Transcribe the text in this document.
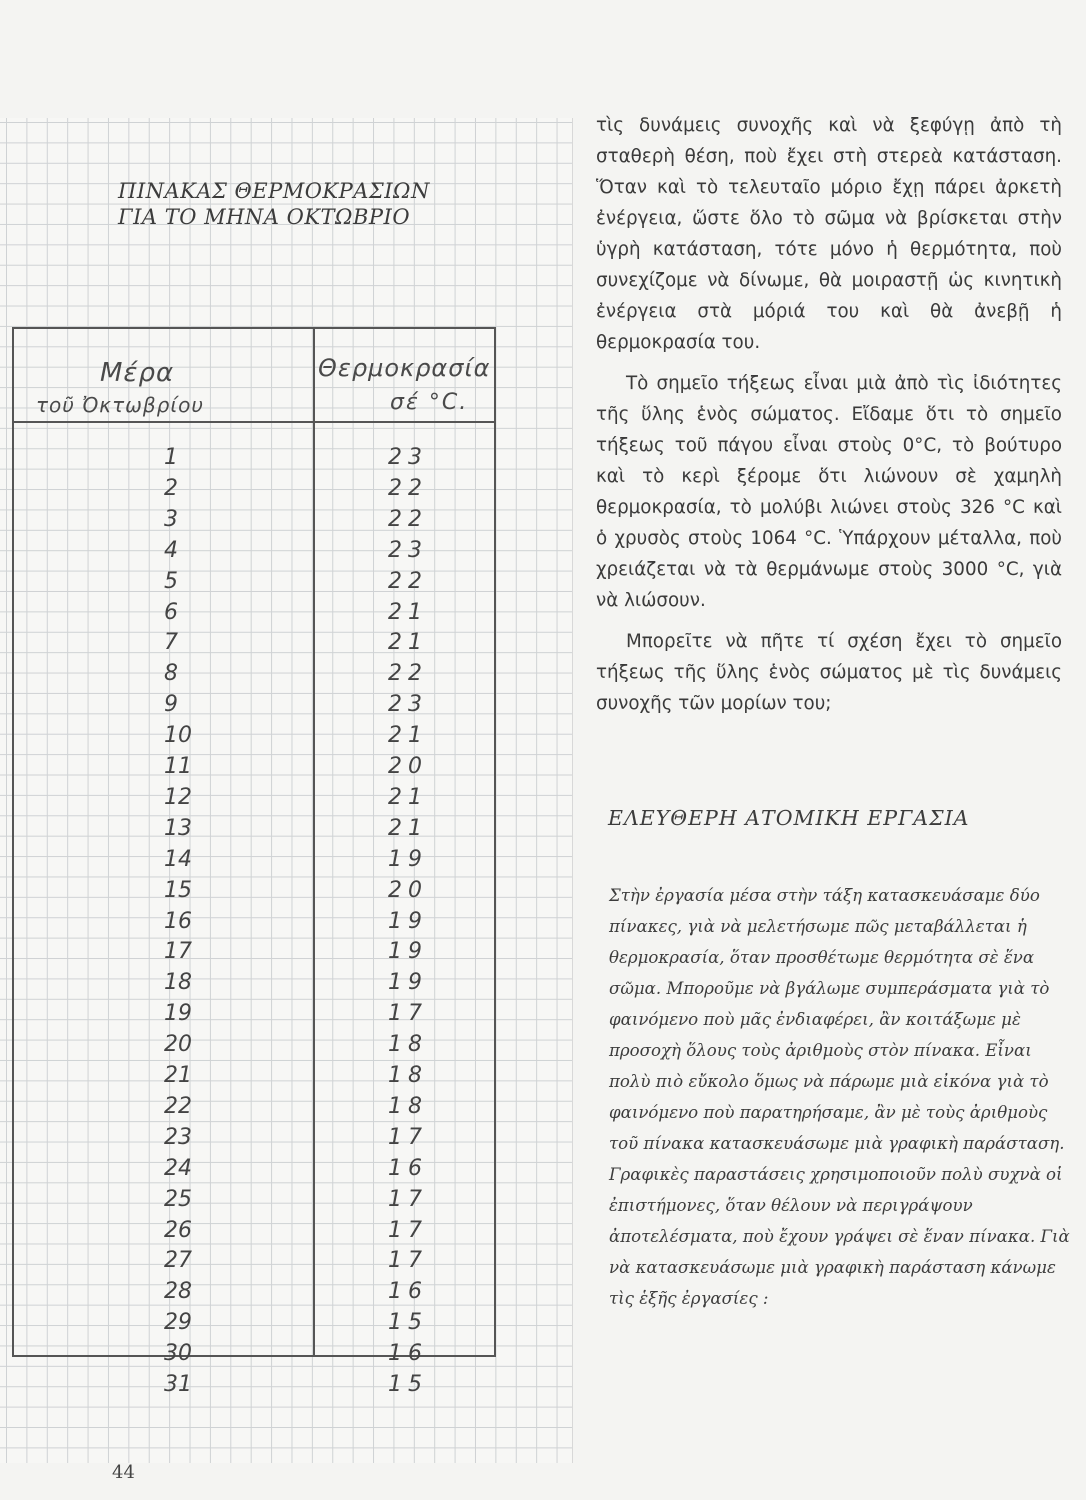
ΠΙΝΑΚΑΣ ΘΕΡΜΟΚΡΑΣΙΩΝ
ΓΙΑ ΤΟ ΜΗΝΑ ΟΚΤΩΒΡΙΟ
Μέρα
τοῦ Ὀκτωβρίου
Θερμοκρασία
σέ °C.
1	23
2	22
3	22
4	23
5	22
6	21
7	21
8	22
9	23
10	21
11	20
12	21
13	21
14	19
15	20
16	19
17	19
18	19
19	17
20	18
21	18
22	18
23	17
24	16
25	17
26	17
27	17
28	16
29	15
30	16
31	15

τὶς δυνάμεις συνοχῆς καὶ νὰ ξεφύγῃ ἀπὸ τὴ σταθερὴ θέση, ποὺ ἔχει στὴ στερεὰ κατάσταση. Ὅταν καὶ τὸ τελευταῖο μόριο ἔχῃ πάρει ἀρκετὴ ἐνέργεια, ὥστε ὅλο τὸ σῶμα νὰ βρίσκεται στὴν ὑγρὴ κατάσταση, τότε μόνο ἡ θερμότητα, ποὺ συνεχίζομε νὰ δίνωμε, θὰ μοιραστῇ ὡς κινητικὴ ἐνέργεια στὰ μόριά του καὶ θὰ ἀνεβῇ ἡ θερμοκρασία του.

Τὸ σημεῖο τήξεως εἶναι μιὰ ἀπὸ τὶς ἰδιότητες τῆς ὕλης ἑνὸς σώματος. Εἴδαμε ὅτι τὸ σημεῖο τήξεως τοῦ πάγου εἶναι στοὺς 0°C, τὸ βούτυρο καὶ τὸ κερὶ ξέρομε ὅτι λιώνουν σὲ χαμηλὴ θερμοκρασία, τὸ μολύβι λιώνει στοὺς 326 °C καὶ ὁ χρυσὸς στοὺς 1064 °C. Ὑπάρχουν μέταλλα, ποὺ χρειάζεται νὰ τὰ θερμάνωμε στοὺς 3000 °C, γιὰ νὰ λιώσουν.

Μπορεῖτε νὰ πῆτε τί σχέση ἔχει τὸ σημεῖο τήξεως τῆς ὕλης ἑνὸς σώματος μὲ τὶς δυνάμεις συνοχῆς τῶν μορίων του;

ΕΛΕΥΘΕΡΗ ΑΤΟΜΙΚΗ ΕΡΓΑΣΙΑ
Στὴν ἐργασία μέσα στὴν τάξη κατασκευάσαμε δύο πίνακες, γιὰ νὰ μελετήσωμε πῶς μεταβάλλεται ἡ θερμοκρασία, ὅταν προσθέτωμε θερμότητα σὲ ἕνα σῶμα. Μποροῦμε νὰ βγάλωμε συμπεράσματα γιὰ τὸ φαινόμενο ποὺ μᾶς ἐνδιαφέρει, ἂν κοιτάξωμε μὲ προσοχὴ ὅλους τοὺς ἀριθμοὺς στὸν πίνακα. Εἶναι πολὺ πιὸ εὔκολο ὅμως νὰ πάρωμε μιὰ εἰκόνα γιὰ τὸ φαινόμενο ποὺ παρατηρήσαμε, ἂν μὲ τοὺς ἀριθμοὺς τοῦ πίνακα κατασκευάσωμε μιὰ γραφικὴ παράσταση. Γραφικὲς παραστάσεις χρησιμοποιοῦν πολὺ συχνὰ οἱ ἐπιστήμονες, ὅταν θέλουν νὰ περιγράψουν ἀποτελέσματα, ποὺ ἔχουν γράψει σὲ ἕναν πίνακα. Γιὰ νὰ κατασκευάσωμε μιὰ γραφικὴ παράσταση κάνωμε τὶς ἑξῆς ἐργασίες :
44
